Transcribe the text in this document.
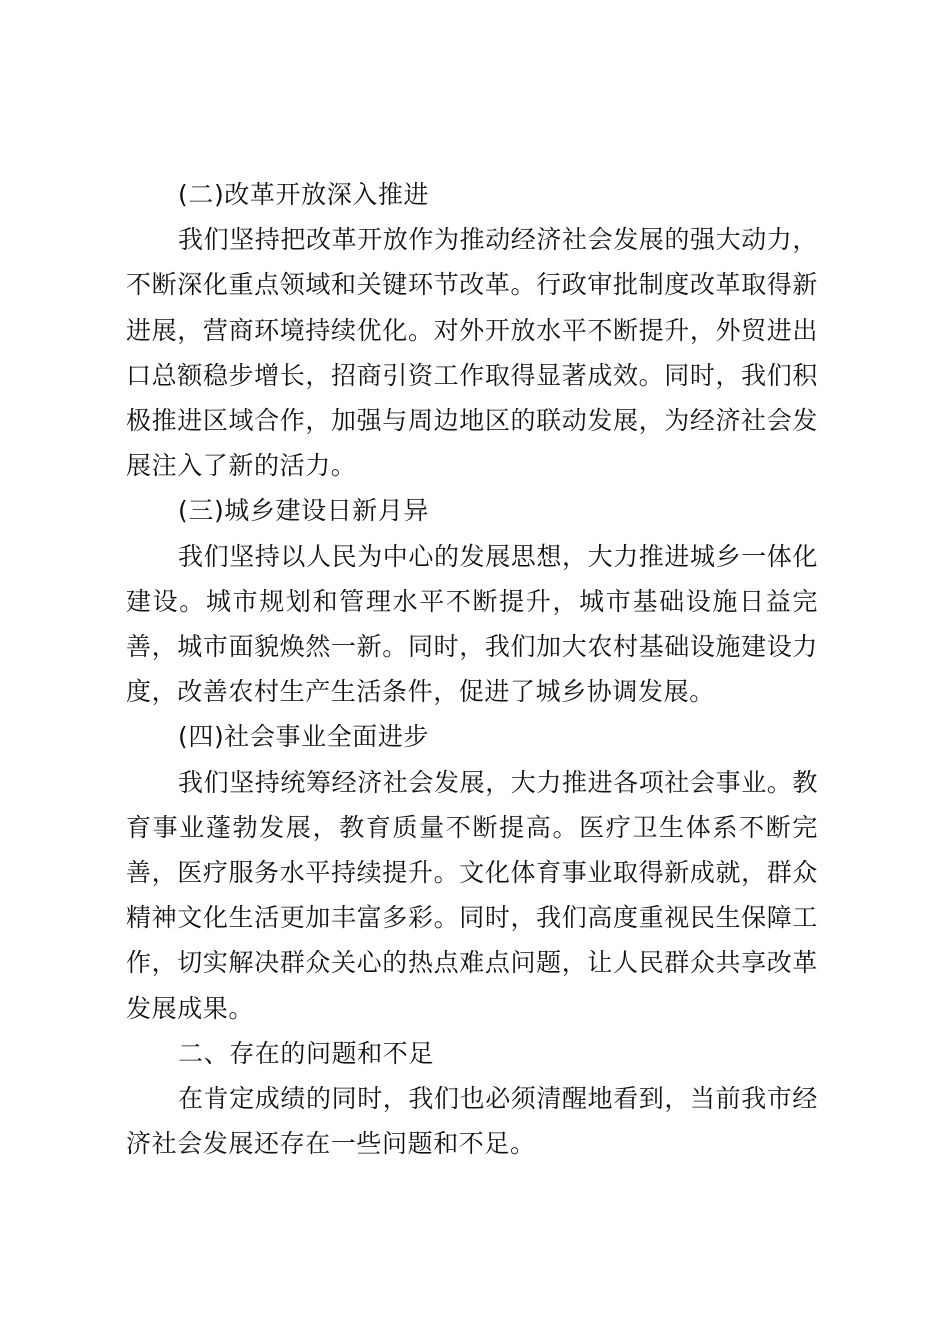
(二)改革开放深入推进

我们坚持把改革开放作为推动经济社会发展的强大动力，不断深化重点领域和关键环节改革。行政审批制度改革取得新进展，营商环境持续优化。对外开放水平不断提升，外贸进出口总额稳步增长，招商引资工作取得显著成效。同时，我们积极推进区域合作，加强与周边地区的联动发展，为经济社会发展注入了新的活力。

(三)城乡建设日新月异

我们坚持以人民为中心的发展思想，大力推进城乡一体化建设。城市规划和管理水平不断提升，城市基础设施日益完善，城市面貌焕然一新。同时，我们加大农村基础设施建设力度，改善农村生产生活条件，促进了城乡协调发展。

(四)社会事业全面进步

我们坚持统筹经济社会发展，大力推进各项社会事业。教育事业蓬勃发展，教育质量不断提高。医疗卫生体系不断完善，医疗服务水平持续提升。文化体育事业取得新成就，群众精神文化生活更加丰富多彩。同时，我们高度重视民生保障工作，切实解决群众关心的热点难点问题，让人民群众共享改革发展成果。

二、存在的问题和不足

在肯定成绩的同时，我们也必须清醒地看到，当前我市经济社会发展还存在一些问题和不足。
